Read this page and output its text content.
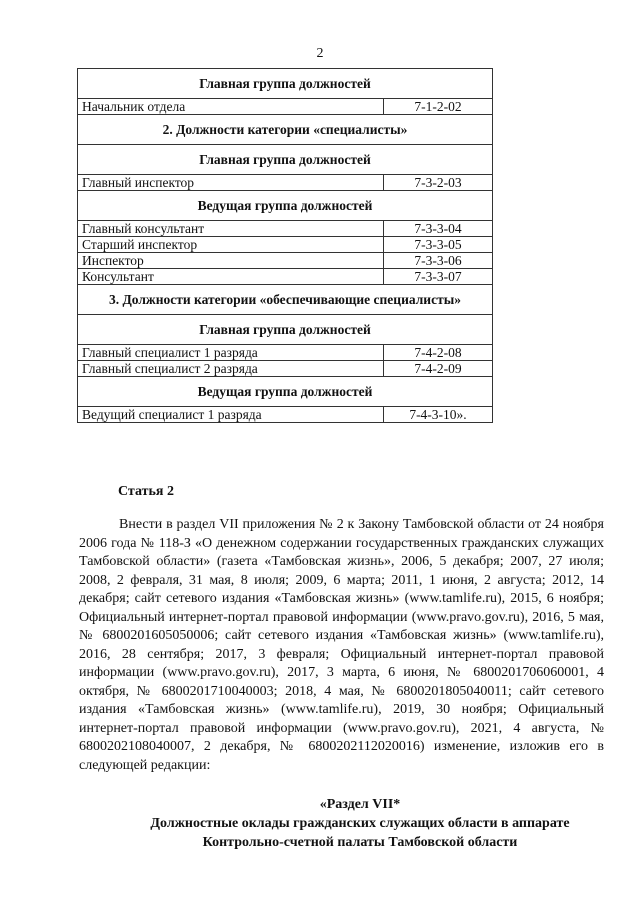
2
Главная группа должностей	
Начальник отдела	7-1-2-02
2. Должности категории «специалисты»	
Главная группа должностей	
Главный инспектор	7-3-2-03
Ведущая группа должностей	
Главный консультант	7-3-3-04
Старший инспектор	7-3-3-05
Инспектор	7-3-3-06
Консультант	7-3-3-07
3. Должности категории «обеспечивающие специалисты»	
Главная группа должностей	
Главный специалист 1 разряда	7-4-2-08
Главный специалист 2 разряда	7-4-2-09
Ведущая группа должностей	
Ведущий специалист 1 разряда	7-4-3-10».
Статья 2

Внести в раздел VII приложения № 2 к Закону Тамбовской области от 24 ноября 2006 года № 118-З «О денежном содержании государственных гражданских служащих Тамбовской области» (газета «Тамбовская жизнь», 2006, 5 декабря; 2007, 27 июля; 2008, 2 февраля, 31 мая, 8 июля; 2009, 6 марта; 2011, 1 июня, 2 августа; 2012, 14 декабря; сайт сетевого издания «Тамбовская жизнь» (www.tamlife.ru), 2015, 6 ноября; Официальный интернет-портал правовой информации (www.pravo.gov.ru), 2016, 5 мая, № 6800201605050006; сайт сетевого издания «Тамбовская жизнь» (www.tamlife.ru), 2016, 28 сентября; 2017, 3 февраля; Официальный интернет-портал правовой информации (www.pravo.gov.ru), 2017, 3 марта, 6 июня, № 6800201706060001, 4 октября, № 6800201710040003; 2018, 4 мая, № 6800201805040011; сайт сетевого издания «Тамбовская жизнь» (www.tamlife.ru), 2019, 30 ноября; Официальный интернет-портал правовой информации (www.pravo.gov.ru), 2021, 4 августа, № 6800202108040007, 2 декабря, № 6800202112020016) изменение, изложив его в следующей редакции:

«Раздел VII*
Должностные оклады гражданских служащих области в аппарате
Контрольно-счетной палаты Тамбовской области
